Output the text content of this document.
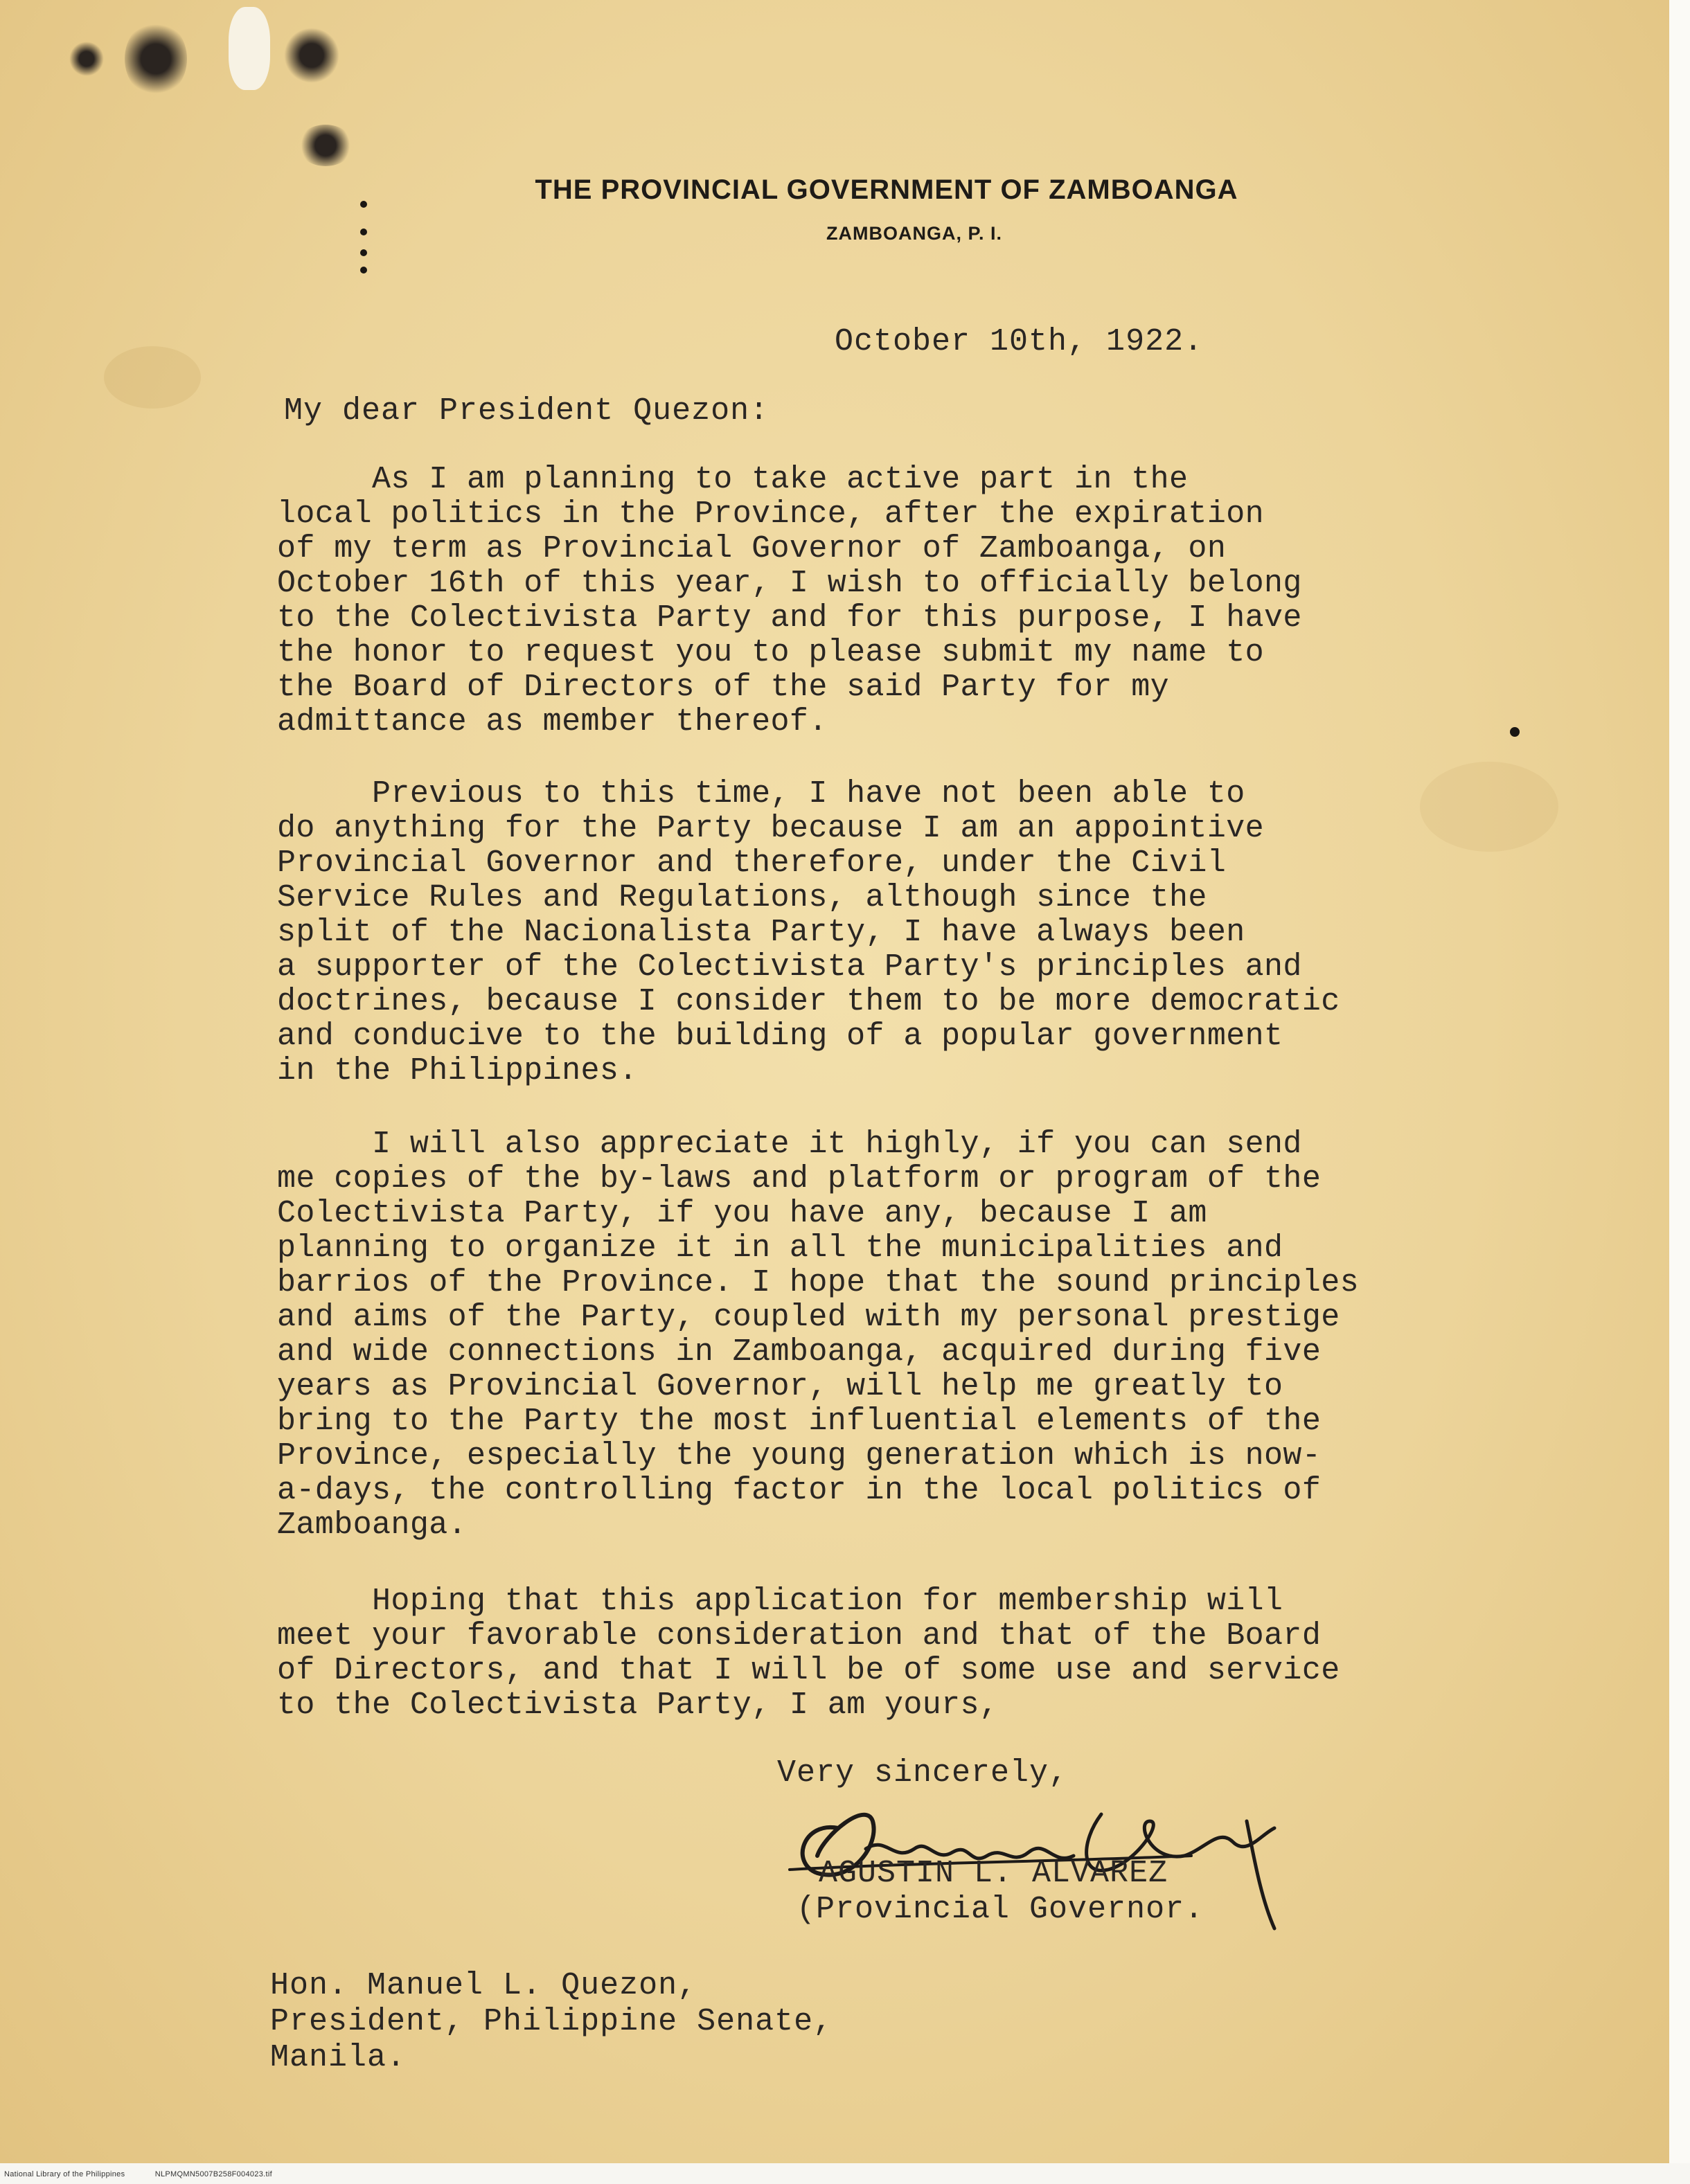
THE PROVINCIAL GOVERNMENT OF ZAMBOANGA
ZAMBOANGA, P. I.
October 10th, 1922.
My dear President Quezon:
As I am planning to take active part in the
local politics in the Province, after the expiration
of my term as Provincial Governor of Zamboanga, on
October 16th of this year, I wish to officially belong
to the Colectivista Party and for this purpose, I have
the honor to request you to please submit my name to
the Board of Directors of the said Party for my
admittance as member thereof.
Previous to this time, I have not been able to
do anything for the Party because I am an appointive
Provincial Governor and therefore, under the Civil
Service Rules and Regulations, although since the
split of the Nacionalista Party, I have always been
a supporter of the Colectivista Party's principles and
doctrines, because I consider them to be more democratic
and conducive to the building of a popular government
in the Philippines.
I will also appreciate it highly, if you can send
me copies of the by-laws and platform or program of the
Colectivista Party, if you have any, because I am
planning to organize it in all the municipalities and
barrios of the Province. I hope that the sound principles
and aims of the Party, coupled with my personal prestige
and wide connections in Zamboanga, acquired during five
years as Provincial Governor, will help me greatly to
bring to the Party the most influential elements of the
Province, especially the young generation which is now-
a-days, the controlling factor in the local politics of
Zamboanga.
Hoping that this application for membership will
meet your favorable consideration and that of the Board
of Directors, and that I will be of some use and service
to the Colectivista Party, I am yours,
Very sincerely,
AGUSTIN L. ALVAREZ
(Provincial Governor.
Hon. Manuel L. Quezon,
President, Philippine Senate,
Manila.
National Library of the Philippines	NLPMQMN5007B258F004023.tif
